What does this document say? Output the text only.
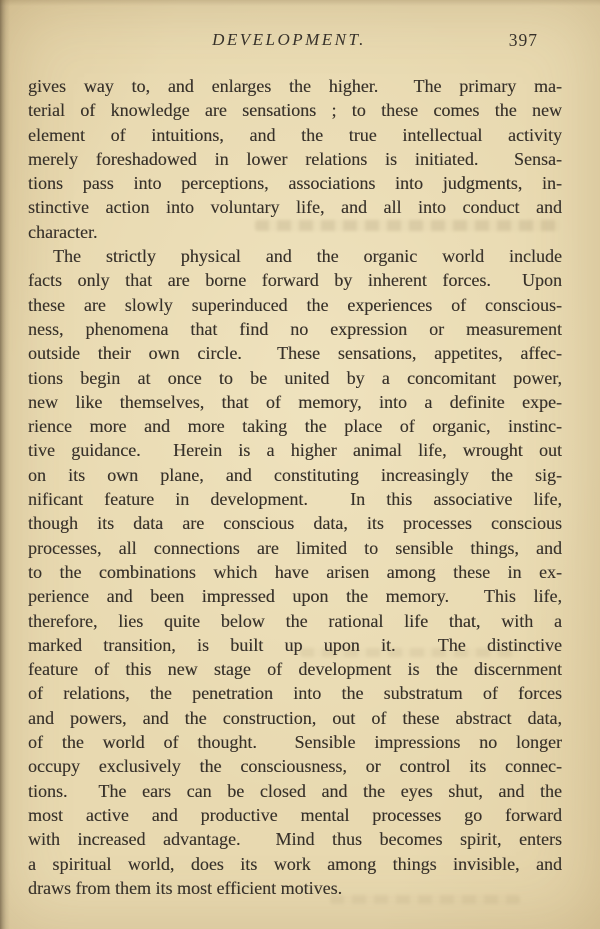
DEVELOPMENT.	397
gives way to, and enlarges the higher.  The primary ma-
terial of knowledge are sensations ; to these comes the new
element of intuitions, and the true intellectual activity
merely foreshadowed in lower relations is initiated.  Sensa-
tions pass into perceptions, associations into judgments, in-
stinctive action into voluntary life, and all into conduct and
character.
The strictly physical and the organic world include
facts only that are borne forward by inherent forces.  Upon
these are slowly superinduced the experiences of conscious-
ness, phenomena that find no expression or measurement
outside their own circle.  These sensations, appetites, affec-
tions begin at once to be united by a concomitant power,
new like themselves, that of memory, into a definite expe-
rience more and more taking the place of organic, instinc-
tive guidance.  Herein is a higher animal life, wrought out
on its own plane, and constituting increasingly the sig-
nificant feature in development.  In this associative life,
though its data are conscious data, its processes conscious
processes, all connections are limited to sensible things, and
to the combinations which have arisen among these in ex-
perience and been impressed upon the memory.  This life,
therefore, lies quite below the rational life that, with a
marked transition, is built up upon it.  The distinctive
feature of this new stage of development is the discernment
of relations, the penetration into the substratum of forces
and powers, and the construction, out of these abstract data,
of the world of thought.  Sensible impressions no longer
occupy exclusively the consciousness, or control its connec-
tions.  The ears can be closed and the eyes shut, and the
most active and productive mental processes go forward
with increased advantage.  Mind thus becomes spirit, enters
a spiritual world, does its work among things invisible, and
draws from them its most efficient motives.
